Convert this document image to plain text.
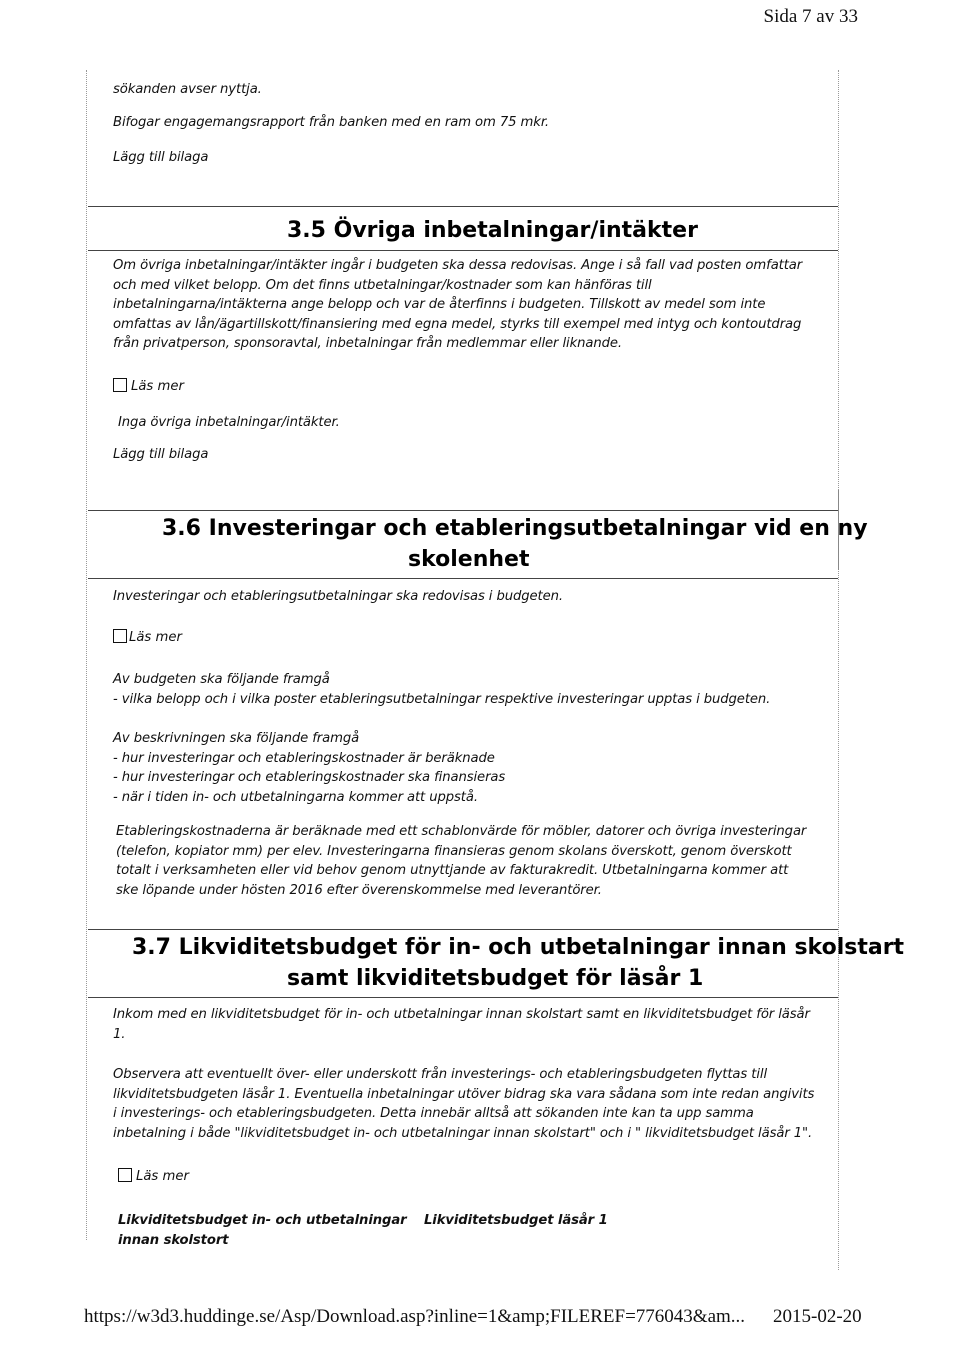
Sida 7 av 33
sökanden avser nyttja.
Bifogar engagemangsrapport från banken med en ram om 75 mkr.
Lägg till bilaga
3.5 Övriga inbetalningar/intäkter
Om övriga inbetalningar/intäkter ingår i budgeten ska dessa redovisas. Ange i så fall vad posten omfattar
och med vilket belopp. Om det finns utbetalningar/kostnader som kan hänföras till
inbetalningarna/intäkterna ange belopp och var de återfinns i budgeten. Tillskott av medel som inte
omfattas av lån/ägartillskott/finansiering med egna medel, styrks till exempel med intyg och kontoutdrag
från privatperson, sponsoravtal, inbetalningar från medlemmar eller liknande.
Läs mer
Inga övriga inbetalningar/intäkter.
Lägg till bilaga
3.6 Investeringar och etableringsutbetalningar vid en ny
skolenhet
Investeringar och etableringsutbetalningar ska redovisas i budgeten.
Läs mer
Av budgeten ska följande framgå
- vilka belopp och i vilka poster etableringsutbetalningar respektive investeringar upptas i budgeten.
Av beskrivningen ska följande framgå
- hur investeringar och etableringskostnader är beräknade
- hur investeringar och etableringskostnader ska finansieras
- när i tiden in- och utbetalningarna kommer att uppstå.
Etableringskostnaderna är beräknade med ett schablonvärde för möbler, datorer och övriga investeringar
(telefon, kopiator mm) per elev. Investeringarna finansieras genom skolans överskott, genom överskott
totalt i verksamheten eller vid behov genom utnyttjande av fakturakredit. Utbetalningarna kommer att
ske löpande under hösten 2016 efter överenskommelse med leverantörer.
3.7 Likviditetsbudget för in- och utbetalningar innan skolstart
samt likviditetsbudget för läsår 1
Inkom med en likviditetsbudget för in- och utbetalningar innan skolstart samt en likviditetsbudget för läsår
1.
Observera att eventuellt över- eller underskott från investerings- och etableringsbudgeten flyttas till
likviditetsbudgeten läsår 1. Eventuella inbetalningar utöver bidrag ska vara sådana som inte redan angivits
i investerings- och etableringsbudgeten. Detta innebär alltså att sökanden inte kan ta upp samma
inbetalning i både "likviditetsbudget in- och utbetalningar innan skolstart" och i " likviditetsbudget läsår 1".
Läs mer
Likviditetsbudget in- och utbetalningar
innan skolstort
Likviditetsbudget läsår 1
https://w3d3.huddinge.se/Asp/Download.asp?inline=1&amp;FILEREF=776043&am... 2015-02-20
